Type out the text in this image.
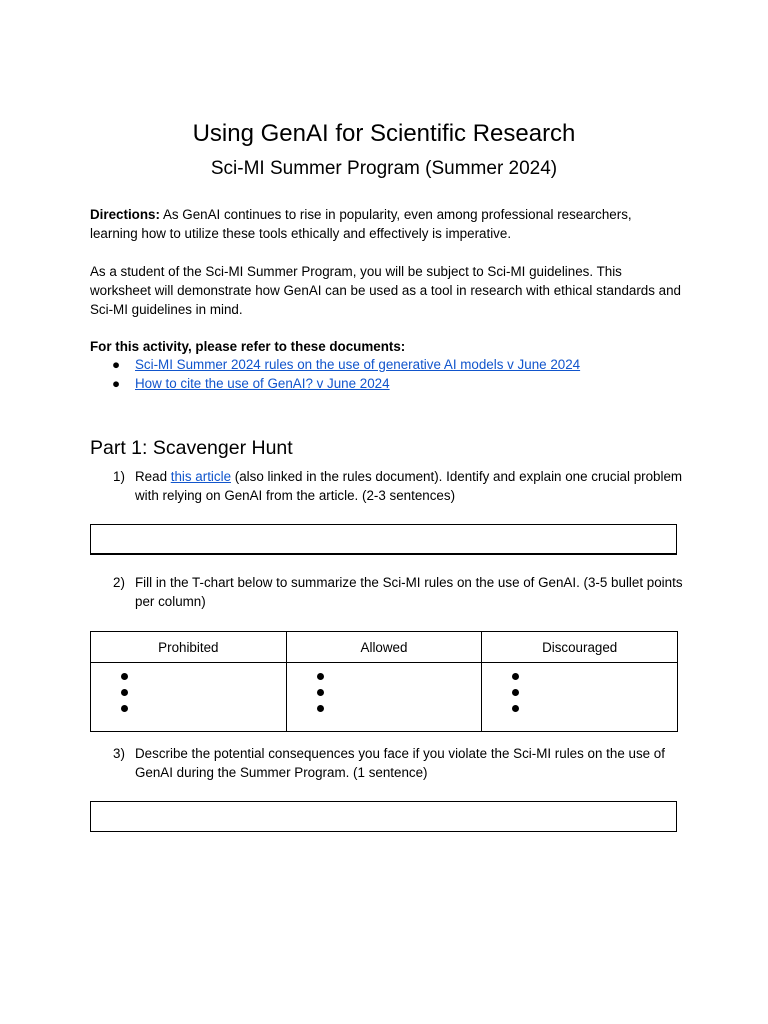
Using GenAI for Scientific Research
Sci-MI Summer Program (Summer 2024)
Directions: As GenAI continues to rise in popularity, even among professional researchers, learning how to utilize these tools ethically and effectively is imperative.
As a student of the Sci-MI Summer Program, you will be subject to Sci-MI guidelines. This worksheet will demonstrate how GenAI can be used as a tool in research with ethical standards and Sci-MI guidelines in mind.
For this activity, please refer to these documents:
● Sci-MI Summer 2024 rules on the use of generative AI models v June 2024
● How to cite the use of GenAI? v June 2024
Part 1: Scavenger Hunt
1) Read this article (also linked in the rules document). Identify and explain one crucial problem with relying on GenAI from the article. (2-3 sentences)
2) Fill in the T-chart below to summarize the Sci-MI rules on the use of GenAI. (3-5 bullet points per column)
Prohibited	Allowed	Discouraged

3) Describe the potential consequences you face if you violate the Sci-MI rules on the use of GenAI during the Summer Program. (1 sentence)
